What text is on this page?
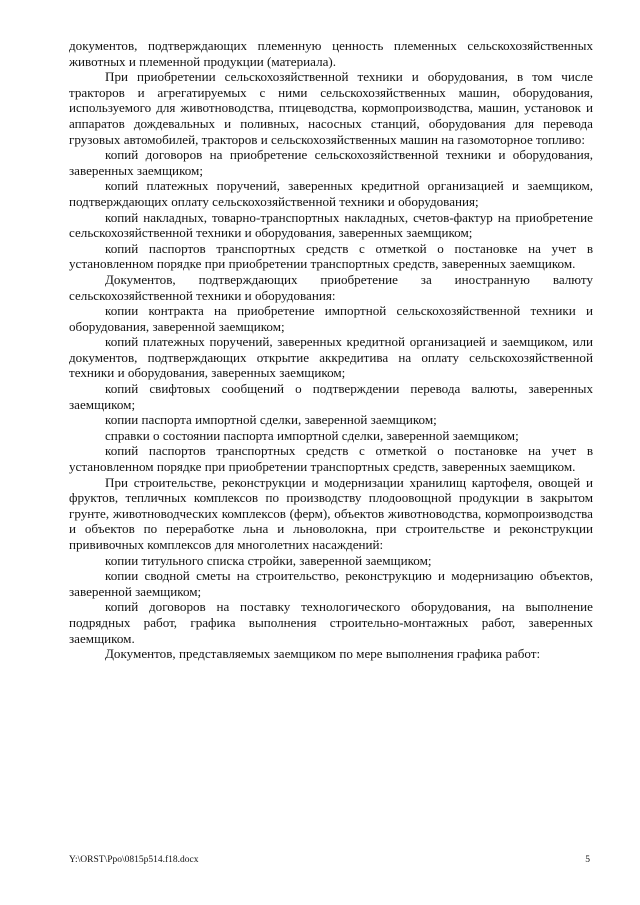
документов, подтверждающих племенную ценность племенных сельскохозяйственных животных и племенной продукции (материала).

При приобретении сельскохозяйственной техники и оборудования, в том числе тракторов и агрегатируемых с ними сельскохозяйственных машин, оборудования, используемого для животноводства, птицеводства, кормопроизводства, машин, установок и аппаратов дождевальных и поливных, насосных станций, оборудования для перевода грузовых автомобилей, тракторов и сельскохозяйственных машин на газомоторное топливо:

копий договоров на приобретение сельскохозяйственной техники и оборудования, заверенных заемщиком;

копий платежных поручений, заверенных кредитной организацией и заемщиком, подтверждающих оплату сельскохозяйственной техники и оборудования;

копий накладных, товарно-транспортных накладных, счетов-фактур на приобретение сельскохозяйственной техники и оборудования, заверенных заемщиком;

копий паспортов транспортных средств с отметкой о постановке на учет в установленном порядке при приобретении транспортных средств, заверенных заемщиком.

Документов, подтверждающих приобретение за иностранную валюту сельскохозяйственной техники и оборудования:

копии контракта на приобретение импортной сельскохозяйственной техники и оборудования, заверенной заемщиком;

копий платежных поручений, заверенных кредитной организацией и заемщиком, или документов, подтверждающих открытие аккредитива на оплату сельскохозяйственной техники и оборудования, заверенных заемщиком;

копий свифтовых сообщений о подтверждении перевода валюты, заверенных заемщиком;

копии паспорта импортной сделки, заверенной заемщиком;

справки о состоянии паспорта импортной сделки, заверенной заемщиком;

копий паспортов транспортных средств с отметкой о постановке на учет в установленном порядке при приобретении транспортных средств, заверенных заемщиком.

При строительстве, реконструкции и модернизации хранилищ картофеля, овощей и фруктов, тепличных комплексов по производству плодоовощной продукции в закрытом грунте, животноводческих комплексов (ферм), объектов животноводства, кормопроизводства и объектов по переработке льна и льноволокна, при строительстве и реконструкции прививочных комплексов для многолетних насаждений:

копии титульного списка стройки, заверенной заемщиком;

копии сводной сметы на строительство, реконструкцию и модернизацию объектов, заверенной заемщиком;

копий договоров на поставку технологического оборудования, на выполнение подрядных работ, графика выполнения строительно-монтажных работ, заверенных заемщиком.

Документов, представляемых заемщиком по мере выполнения графика работ:

Y:\ORST\Ppo\0815p514.f18.docx	5
